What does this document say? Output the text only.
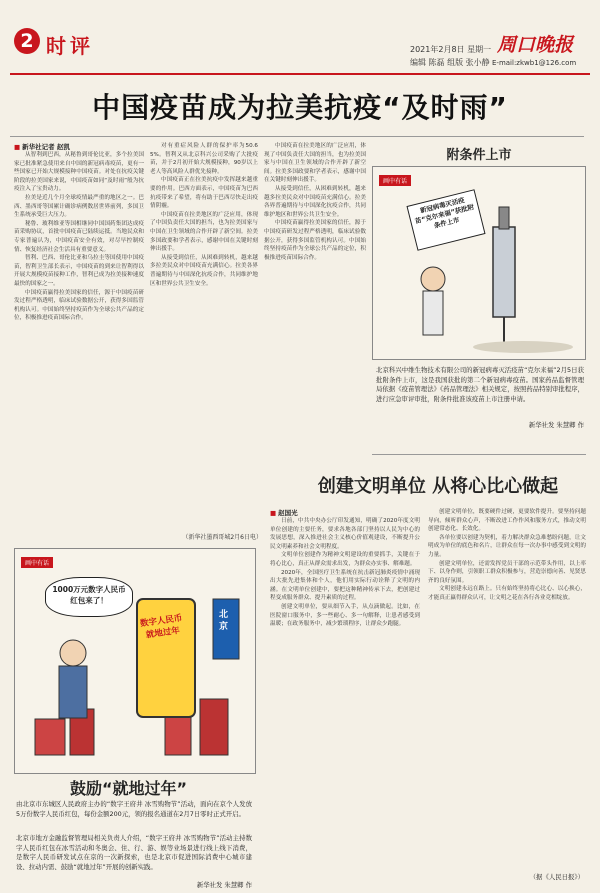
2 时评	2021年2月8日 星期一
编辑 陈磊 组版 张小静
周口晚报
E-mail:zkwb1@126.com
中国疫苗成为拉美抗疫“及时雨”
■ 新华社记者 赵凯

从智利到巴西，从秘鲁到哥伦比亚，多个拉美国家已批准紧急使用来自中国的新冠病毒疫苗，更有一些国家已开始大规模接种中国疫苗。对处在抗疫关键阶段的拉美国家来说，中国疫苗如同“及时雨”般为抗疫注入了宝贵动力。

拉美是近几个月全球疫情最严重的地区之一。巴西、墨西哥等国累计确诊病例数居世界前列，多国卫生系统承受巨大压力。

秘鲁、玻利维亚等国相继同中国国药集团达成疫苗采购协议，首批中国疫苗已陆续运抵。当地民众和专家普遍认为，中国疫苗安全有效，对尽早控制疫情、恢复经济社会生活具有重要意义。

智利、巴西、哥伦比亚和乌拉圭等国使用中国疫苗，智利卫生部长表示，中国疫苗的到来让智利得以开展大规模疫苗接种工作，智利已成为拉美接种速度最快的国家之一。

中国疫苗赢得拉美国家的信任，源于中国疫苗研发过程严格透明，临床试验数据公开，获得多国监管机构认可。中国始终坚持疫苗作为全球公共产品的定位，积极推进疫苗国际合作。

对有重症风险人群的保护率为50.65%。智利又从北京科兴公司采购了大批疫苗，并于2月初开始大规模接种，90岁以上老人等高风险人群优先接种。

中国疫苗正在拉美抗疫中发挥越来越重要的作用。巴西方面表示，中国疫苗为巴西抗疫带来了希望，将有助于巴西尽快走出疫情阴霾。

中国疫苗在拉美地区的广泛应用，体现了中国负责任大国的担当，也为拉美国家与中国在卫生领域的合作开辟了新空间。拉美多国政要和学者表示，感谢中国在关键时刻伸出援手。

从接受到信任，从困难到转机，越来越多拉美民众对中国疫苗充满信心。拉美各界普遍期待与中国深化抗疫合作，共同维护地区和世界公共卫生安全。

（新华社墨西哥城2月6日电）

中国疫苗在拉美地区的广泛应用，体现了中国负责任大国的担当，也为拉美国家与中国在卫生领域的合作开辟了新空间。拉美多国政要和学者表示，感谢中国在关键时刻伸出援手。

从接受到信任，从困难到转机，越来越多拉美民众对中国疫苗充满信心。拉美各界普遍期待与中国深化抗疫合作，共同维护地区和世界公共卫生安全。

中国疫苗赢得拉美国家的信任，源于中国疫苗研发过程严格透明，临床试验数据公开，获得多国监管机构认可。中国始终坚持疫苗作为全球公共产品的定位，积极推进疫苗国际合作。

附条件上市
画中有话
新冠病毒灭活疫苗“克尔来福”获批附条件上市
北京科兴中维生物技术有限公司的新冠病毒灭活疫苗“克尔来福”2月5日获批附条件上市，这是我国获批的第二个新冠病毒疫苗。国家药品监督管理局依据《疫苗管理法》《药品管理法》相关规定，按照药品特别审批程序，进行应急审评审批，附条件批准该疫苗上市注册申请。
新华社发 朱慧卿 作
创建文明单位 从将心比心做起
画中有话
1000万元数字人民币红包来了！
数字人民币就地过年
北京
鼓励“就地过年”
由北京市东城区人民政府主办的“数字王府井 冰雪购物节”活动，面向在京个人发放5万份数字人民币红包，每份金额200元，领的报名通道在2月7日零时正式开启。
北京市地方金融监督管理局相关负责人介绍，“数字王府井 冰雪购物节”活动主持数字人民币红包在冰雪活动和冬奥会、住、行、游、娱等业场景进行线上线下消费，是数字人民币研发试点在京的一次新探索，也是北京市促进国际消费中心城市建设、拉动内需、鼓励“就地过年”开展的创新实践。
新华社发 朱慧卿 作
■ 赵国光

日前，中共中央办公厅印发通知，明确了2020年度文明单位创建的主要任务，要求各地各部门坚持以人民为中心的发展思想，深入推进社会主义核心价值观建设，不断提升公民文明素养和社会文明程度。

文明单位创建作为精神文明建设的重要抓手，关键在于将心比心，真正从群众需求出发，为群众办实事、解难题。

2020年，全国医疗卫生系统在抗击新冠肺炎疫情中涌现出大批先进集体和个人，他们用实际行动诠释了文明的内涵。在文明单位创建中，要把这种精神传承下去，把创建过程变成服务群众、提升素质的过程。

创建文明单位，要从细节入手，从点滴做起。比如，在医院窗口服务中，多一些耐心、多一句解释，让患者感受到温暖；在政务服务中，减少繁琐程序，让群众少跑腿。

创建文明单位，既要硬件过硬，更要软件提升。要坚持问题导向，倾听群众心声，不断改进工作作风和服务方式，推动文明创建常态化、长效化。

各单位要以创建为契机，着力解决群众急难愁盼问题，让文明成为单位的底色和名片，让群众在每一次办事中感受到文明的力量。

创建文明单位，还需发挥党员干部的示范带头作用，以上率下、以身作则，引领职工群众积极参与，营造崇德向善、见贤思齐的良好氛围。

文明创建永远在路上。只有始终坚持将心比心、以心换心，才能真正赢得群众认可，让文明之花在各行各业竞相绽放。

（据《人民日报》）
